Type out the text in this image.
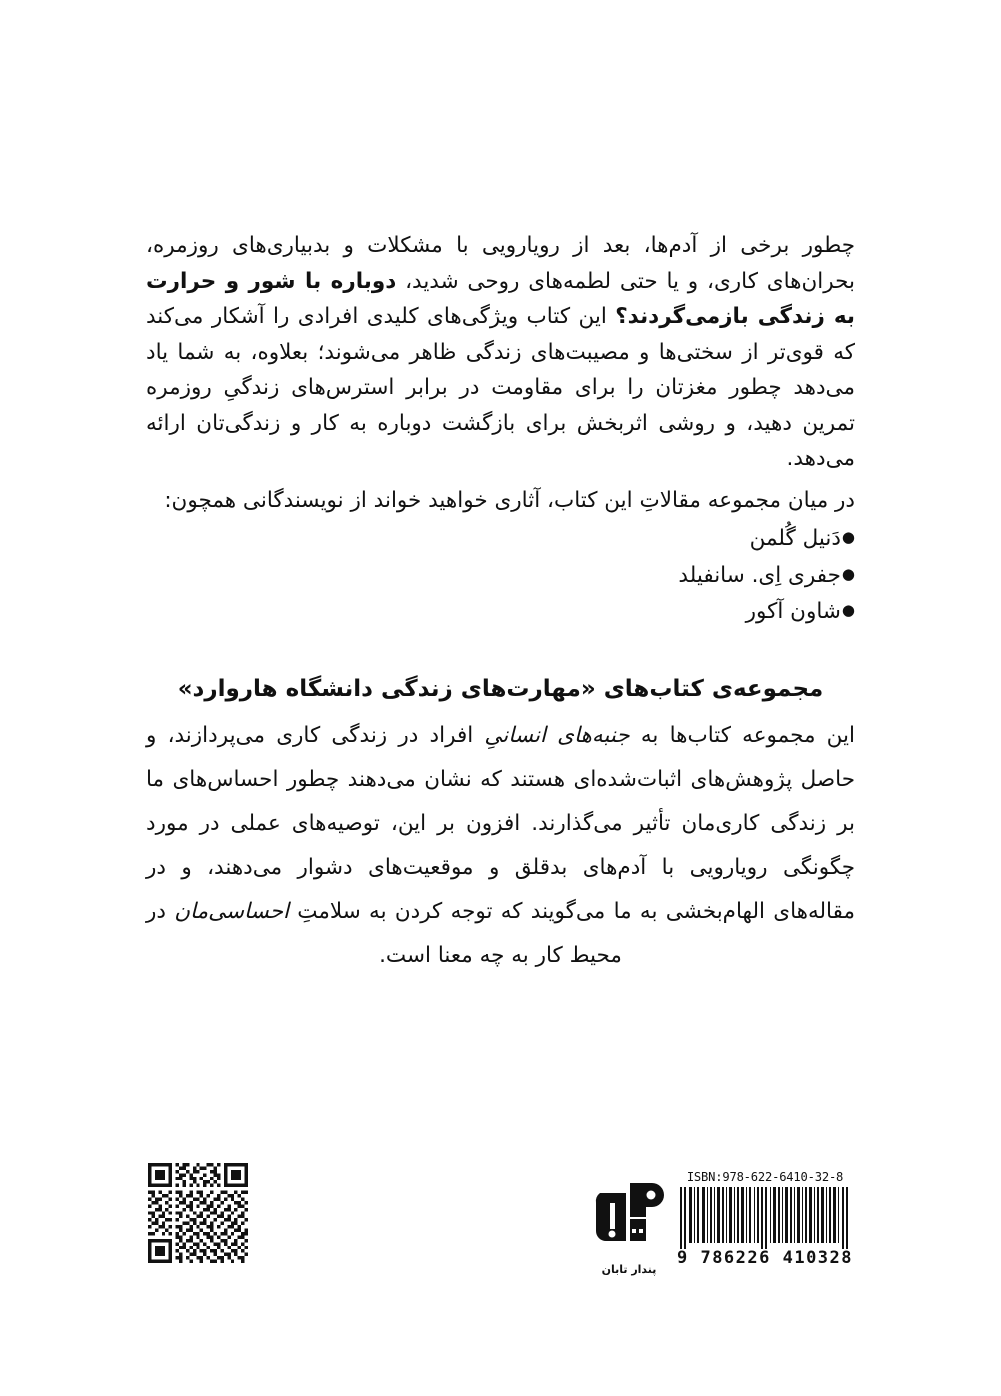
چطور برخی از آدم‌ها، بعد از رویارویی با مشکلات و بدبیاری‌های روزمره، بحران‌های کاری، و یا حتی لطمه‌های روحی شدید، دوباره با شور و حرارت به زندگی بازمی‌گردند؟ این کتاب ویژگی‌های کلیدی افرادی را آشکار می‌کند که قوی‌تر از سختی‌ها و مصیبت‌های زندگی ظاهر می‌شوند؛ بعلاوه، به شما یاد می‌دهد چطور مغزتان را برای مقاومت در برابر استرس‌های زندگیِ روزمره تمرین دهید، و روشی اثربخش برای بازگشت دوباره به کار و زندگی‌تان ارائه می‌دهد.

در میان مجموعه مقالاتِ این کتاب، آثاری خواهید خواند از نویسندگانی همچون:

●دَنیل گُلمن
●جفری اِی. سانفیلد
●شاون آکور
مجموعه‌ی کتاب‌های «مهارت‌های زندگی دانشگاه هاروارد»

این مجموعه کتاب‌ها به جنبه‌های انسانیِ افراد در زندگی کاری می‌پردازند، و حاصل پژوهش‌های اثبات‌شده‌ای هستند که نشان می‌دهند چطور احساس‌های ما بر زندگی کاری‌مان تأثیر می‌گذارند. افزون بر این، توصیه‌های عملی در مورد چگونگی رویارویی با آدم‌های بدقلق و موقعیت‌های دشوار می‌دهند، و در مقاله‌های الهام‌بخشی به ما می‌گویند که توجه کردن به سلامتِ احساسی‌مان در محیط کار به چه معنا است.

پندار تابان
ISBN:978-622-6410-32-8
9 786226 410328
